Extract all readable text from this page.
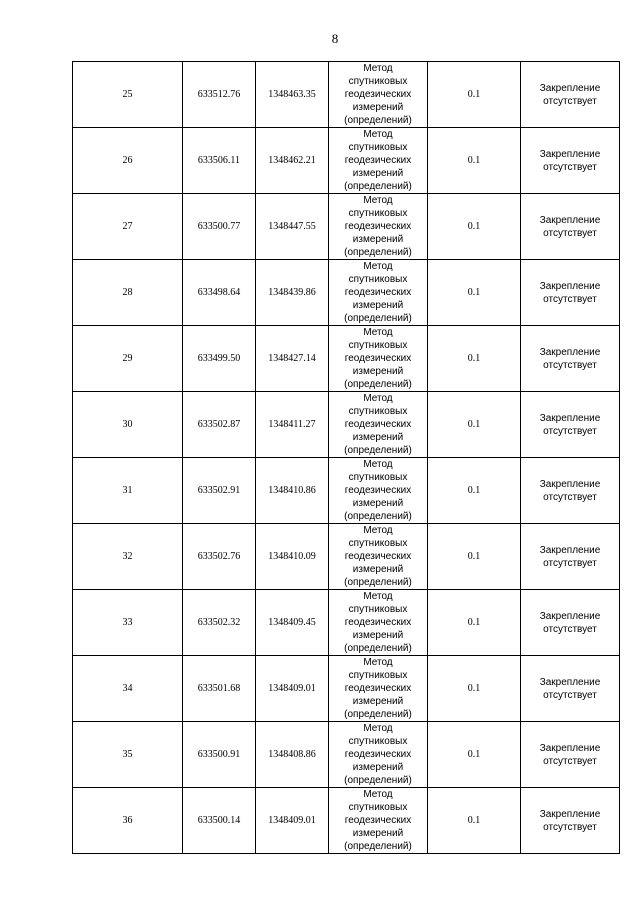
8
25	633512.76	1348463.35	Метод
спутниковых
геодезических
измерений
(определений)	0.1	Закрепление
отсутствует

26	633506.11	1348462.21	Метод
спутниковых
геодезических
измерений
(определений)	0.1	Закрепление
отсутствует

27	633500.77	1348447.55	Метод
спутниковых
геодезических
измерений
(определений)	0.1	Закрепление
отсутствует

28	633498.64	1348439.86	Метод
спутниковых
геодезических
измерений
(определений)	0.1	Закрепление
отсутствует

29	633499.50	1348427.14	Метод
спутниковых
геодезических
измерений
(определений)	0.1	Закрепление
отсутствует

30	633502.87	1348411.27	Метод
спутниковых
геодезических
измерений
(определений)	0.1	Закрепление
отсутствует

31	633502.91	1348410.86	Метод
спутниковых
геодезических
измерений
(определений)	0.1	Закрепление
отсутствует

32	633502.76	1348410.09	Метод
спутниковых
геодезических
измерений
(определений)	0.1	Закрепление
отсутствует

33	633502.32	1348409.45	Метод
спутниковых
геодезических
измерений
(определений)	0.1	Закрепление
отсутствует

34	633501.68	1348409.01	Метод
спутниковых
геодезических
измерений
(определений)	0.1	Закрепление
отсутствует

35	633500.91	1348408.86	Метод
спутниковых
геодезических
измерений
(определений)	0.1	Закрепление
отсутствует

36	633500.14	1348409.01	Метод
спутниковых
геодезических
измерений
(определений)	0.1	Закрепление
отсутствует
